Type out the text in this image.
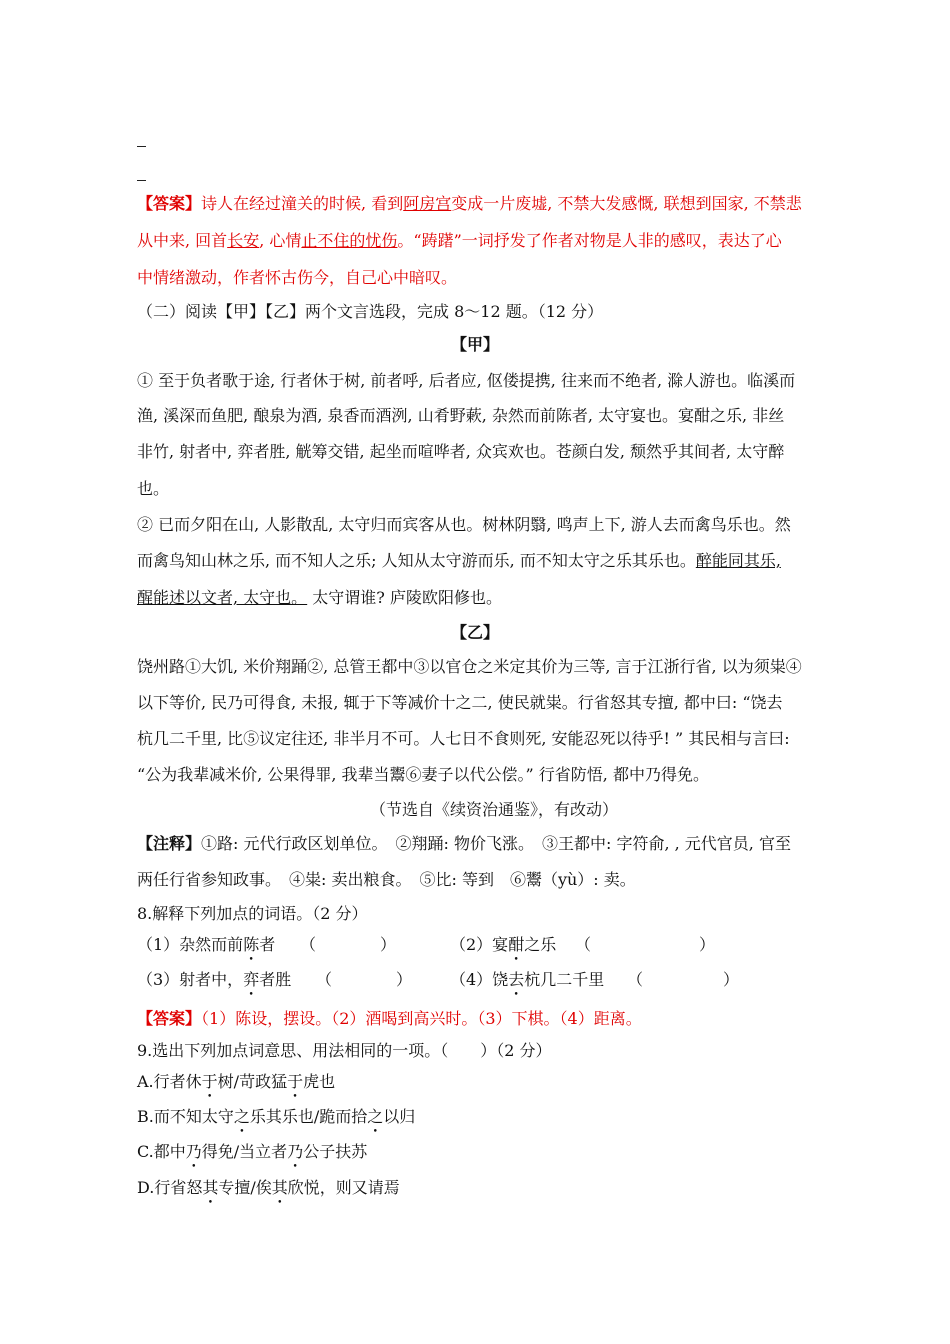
【答案】诗人在经过潼关的时候, 看到阿房宫变成一片废墟, 不禁大发感慨, 联想到国家, 不禁悲
从中来, 回首长安, 心情止不住的忧伤。“踌躇”一词抒发了作者对物是人非的感叹，表达了心
中情绪激动，作者怀古伤今，自己心中暗叹。
（二）阅读【甲】【乙】两个文言选段，完成 8～12 题。（12 分）
【甲】
① 至于负者歌于途, 行者休于树, 前者呼, 后者应, 伛偻提携, 往来而不绝者, 滁人游也。临溪而
渔, 溪深而鱼肥, 酿泉为酒, 泉香而酒洌, 山肴野蔌, 杂然而前陈者, 太守宴也。宴酣之乐, 非丝
非竹, 射者中, 弈者胜, 觥筹交错, 起坐而喧哗者, 众宾欢也。苍颜白发, 颓然乎其间者, 太守醉
也。
② 已而夕阳在山, 人影散乱, 太守归而宾客从也。树林阴翳, 鸣声上下, 游人去而禽鸟乐也。然
而禽鸟知山林之乐, 而不知人之乐; 人知从太守游而乐, 而不知太守之乐其乐也。醉能同其乐,
醒能述以文者, 太守也。 太守谓谁? 庐陵欧阳修也。
【乙】
饶州路①大饥, 米价翔踊②, 总管王都中③以官仓之米定其价为三等, 言于江浙行省, 以为须粜④
以下等价, 民乃可得食, 未报, 辄于下等减价十之二, 使民就粜。行省怒其专擅, 都中曰: “饶去
杭几二千里, 比⑤议定往还, 非半月不可。人七日不食则死, 安能忍死以待乎! ” 其民相与言曰:
“公为我辈减米价, 公果得罪, 我辈当鬻⑥妻子以代公偿。” 行省防悟, 都中乃得免。
（节选自《续资治通鉴》，有改动）
【注释】①路: 元代行政区划单位。　②翔踊: 物价飞涨。　③王都中: 字符俞, , 元代官员, 官至
两任行省参知政事。　④粜: 卖出粮食。　⑤比: 等到　⑥鬻（yù）: 卖。
8.解释下列加点的词语。（2 分）
（1）杂然而前陈者 （	）	（2）宴酣之乐 （	）
（3）射者中，弈者胜 （	） （4）饶去杭几二千里 （	）
【答案】（1）陈设，摆设。（2）酒喝到高兴时。（3）下棋。（4）距离。
9.选出下列加点词意思、用法相同的一项。（　　）（2 分）
A.行者休于树/苛政猛于虎也
B.而不知太守之乐其乐也/跪而拾之以归
C.都中乃得免/当立者乃公子扶苏
D.行省怒其专擅/俟其欣悦，则又请焉
